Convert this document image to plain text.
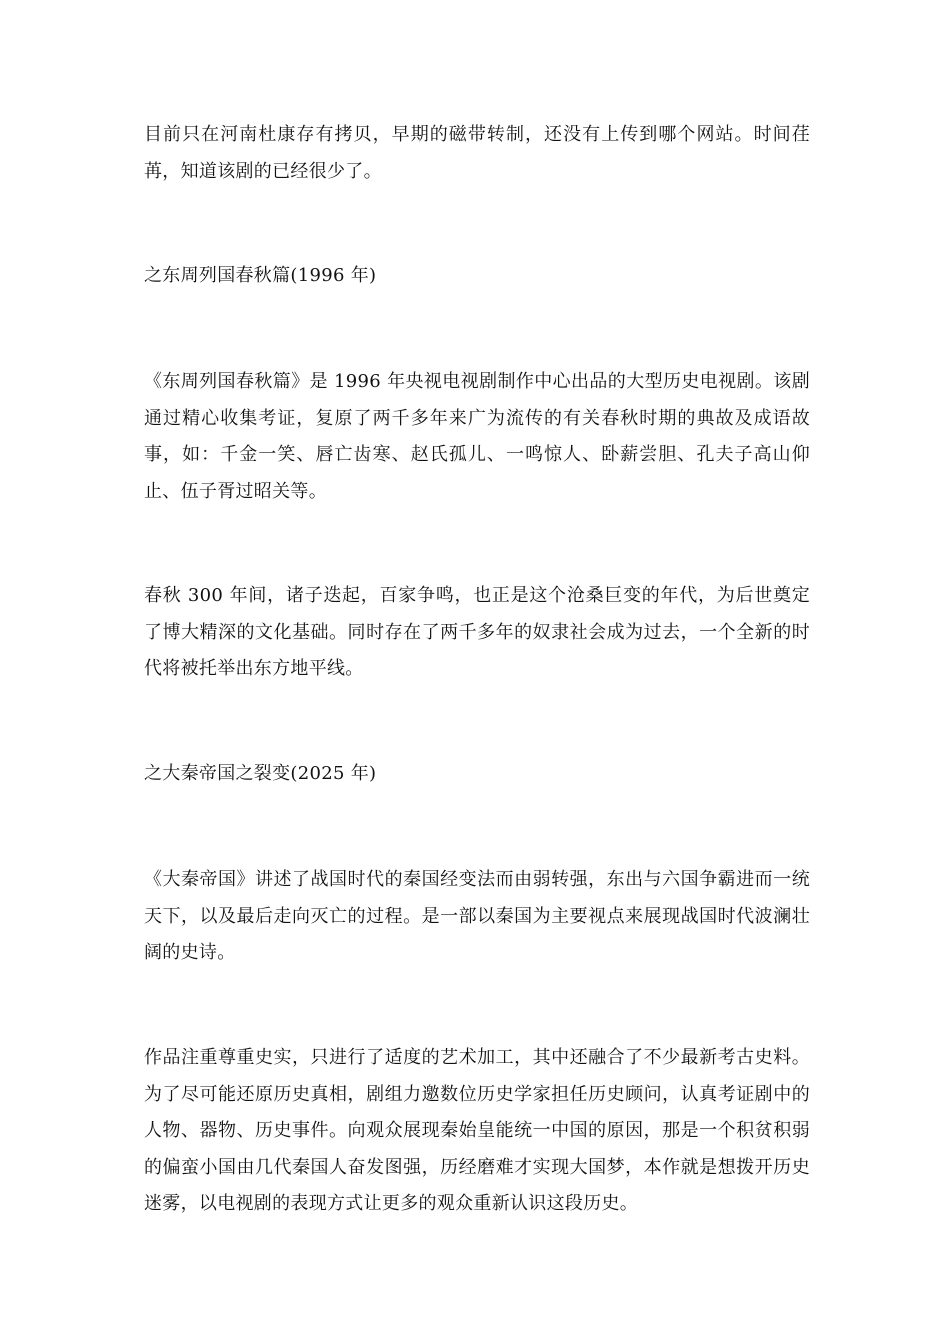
目前只在河南杜康存有拷贝，早期的磁带转制，还没有上传到哪个网站。时间荏苒，知道该剧的已经很少了。

之东周列国春秋篇(1996 年)

《东周列国春秋篇》是 1996 年央视电视剧制作中心出品的大型历史电视剧。该剧通过精心收集考证，复原了两千多年来广为流传的有关春秋时期的典故及成语故事，如：千金一笑、唇亡齿寒、赵氏孤儿、一鸣惊人、卧薪尝胆、孔夫子高山仰止、伍子胥过昭关等。

春秋 300 年间，诸子迭起，百家争鸣，也正是这个沧桑巨变的年代，为后世奠定了博大精深的文化基础。同时存在了两千多年的奴隶社会成为过去，一个全新的时代将被托举出东方地平线。

之大秦帝国之裂变(2025 年)

《大秦帝国》讲述了战国时代的秦国经变法而由弱转强，东出与六国争霸进而一统天下，以及最后走向灭亡的过程。是一部以秦国为主要视点来展现战国时代波澜壮阔的史诗。

作品注重尊重史实，只进行了适度的艺术加工，其中还融合了不少最新考古史料。为了尽可能还原历史真相，剧组力邀数位历史学家担任历史顾问，认真考证剧中的人物、器物、历史事件。向观众展现秦始皇能统一中国的原因，那是一个积贫积弱的偏蛮小国由几代秦国人奋发图强，历经磨难才实现大国梦，本作就是想拨开历史迷雾，以电视剧的表现方式让更多的观众重新认识这段历史。
